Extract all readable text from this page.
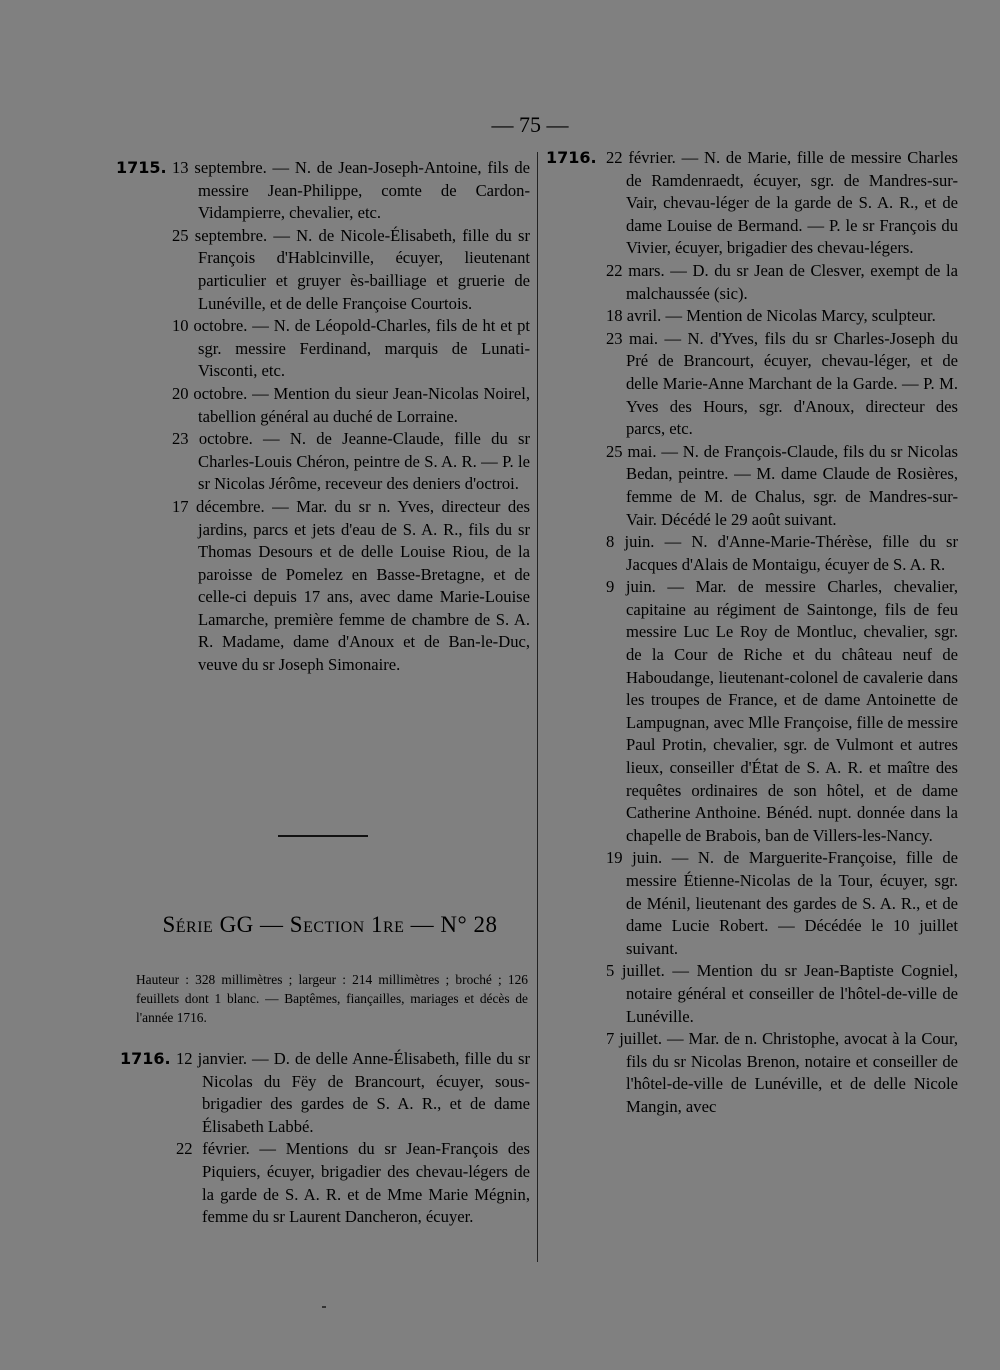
— 75 —
1715. 13 septembre. — N. de Jean-Joseph-Antoine, fils de messire Jean-Philippe, comte de Cardon-Vidampierre, chevalier, etc.
25 septembre. — N. de Nicole-Élisabeth, fille du sr François d'Hablcinville, écuyer, lieutenant particulier et gruyer ès-bailliage et gruerie de Lunéville, et de delle Françoise Courtois.
10 octobre. — N. de Léopold-Charles, fils de ht et pt sgr. messire Ferdinand, marquis de Lunati-Visconti, etc.
20 octobre. — Mention du sieur Jean-Nicolas Noirel, tabellion général au duché de Lorraine.
23 octobre. — N. de Jeanne-Claude, fille du sr Charles-Louis Chéron, peintre de S. A. R. — P. le sr Nicolas Jérôme, receveur des deniers d'octroi.
17 décembre. — Mar. du sr n. Yves, directeur des jardins, parcs et jets d'eau de S. A. R., fils du sr Thomas Desours et de delle Louise Riou, de la paroisse de Pomelez en Basse-Bretagne, et de celle-ci depuis 17 ans, avec dame Marie-Louise Lamarche, première femme de chambre de S. A. R. Madame, dame d'Anoux et de Ban-le-Duc, veuve du sr Joseph Simonaire.
Série GG — Section 1re — N° 28
Hauteur : 328 millimètres ; largeur : 214 millimètres ; broché ; 126 feuillets dont 1 blanc. — Baptêmes, fiançailles, mariages et décès de l'année 1716.
1716. 12 janvier. — D. de delle Anne-Élisabeth, fille du sr Nicolas du Fëy de Brancourt, écuyer, sous-brigadier des gardes de S. A. R., et de dame Élisabeth Labbé.
22 février. — Mentions du sr Jean-François des Piquiers, écuyer, brigadier des chevau-légers de la garde de S. A. R. et de Mme Marie Mégnin, femme du sr Laurent Dancheron, écuyer.
1716. 22 février. — N. de Marie, fille de messire Charles de Ramdenraedt, écuyer, sgr. de Mandres-sur-Vair, chevau-léger de la garde de S. A. R., et de dame Louise de Bermand. — P. le sr François du Vivier, écuyer, brigadier des chevau-légers.
22 mars. — D. du sr Jean de Clesver, exempt de la malchaussée (sic).
18 avril. — Mention de Nicolas Marcy, sculpteur.
23 mai. — N. d'Yves, fils du sr Charles-Joseph du Pré de Brancourt, écuyer, chevau-léger, et de delle Marie-Anne Marchant de la Garde. — P. M. Yves des Hours, sgr. d'Anoux, directeur des parcs, etc.
25 mai. — N. de François-Claude, fils du sr Nicolas Bedan, peintre. — M. dame Claude de Rosières, femme de M. de Chalus, sgr. de Mandres-sur-Vair. Décédé le 29 août suivant.
8 juin. — N. d'Anne-Marie-Thérèse, fille du sr Jacques d'Alais de Montaigu, écuyer de S. A. R.
9 juin. — Mar. de messire Charles, chevalier, capitaine au régiment de Saintonge, fils de feu messire Luc Le Roy de Montluc, chevalier, sgr. de la Cour de Riche et du château neuf de Haboudange, lieutenant-colonel de cavalerie dans les troupes de France, et de dame Antoinette de Lampugnan, avec Mlle Françoise, fille de messire Paul Protin, chevalier, sgr. de Vulmont et autres lieux, conseiller d'État de S. A. R. et maître des requêtes ordinaires de son hôtel, et de dame Catherine Anthoine. Bénéd. nupt. donnée dans la chapelle de Brabois, ban de Villers-les-Nancy.
19 juin. — N. de Marguerite-Françoise, fille de messire Étienne-Nicolas de la Tour, écuyer, sgr. de Ménil, lieutenant des gardes de S. A. R., et de dame Lucie Robert. — Décédée le 10 juillet suivant.
5 juillet. — Mention du sr Jean-Baptiste Cogniel, notaire général et conseiller de l'hôtel-de-ville de Lunéville.
7 juillet. — Mar. de n. Christophe, avocat à la Cour, fils du sr Nicolas Brenon, notaire et conseiller de l'hôtel-de-ville de Lunéville, et de delle Nicole Mangin, avec
